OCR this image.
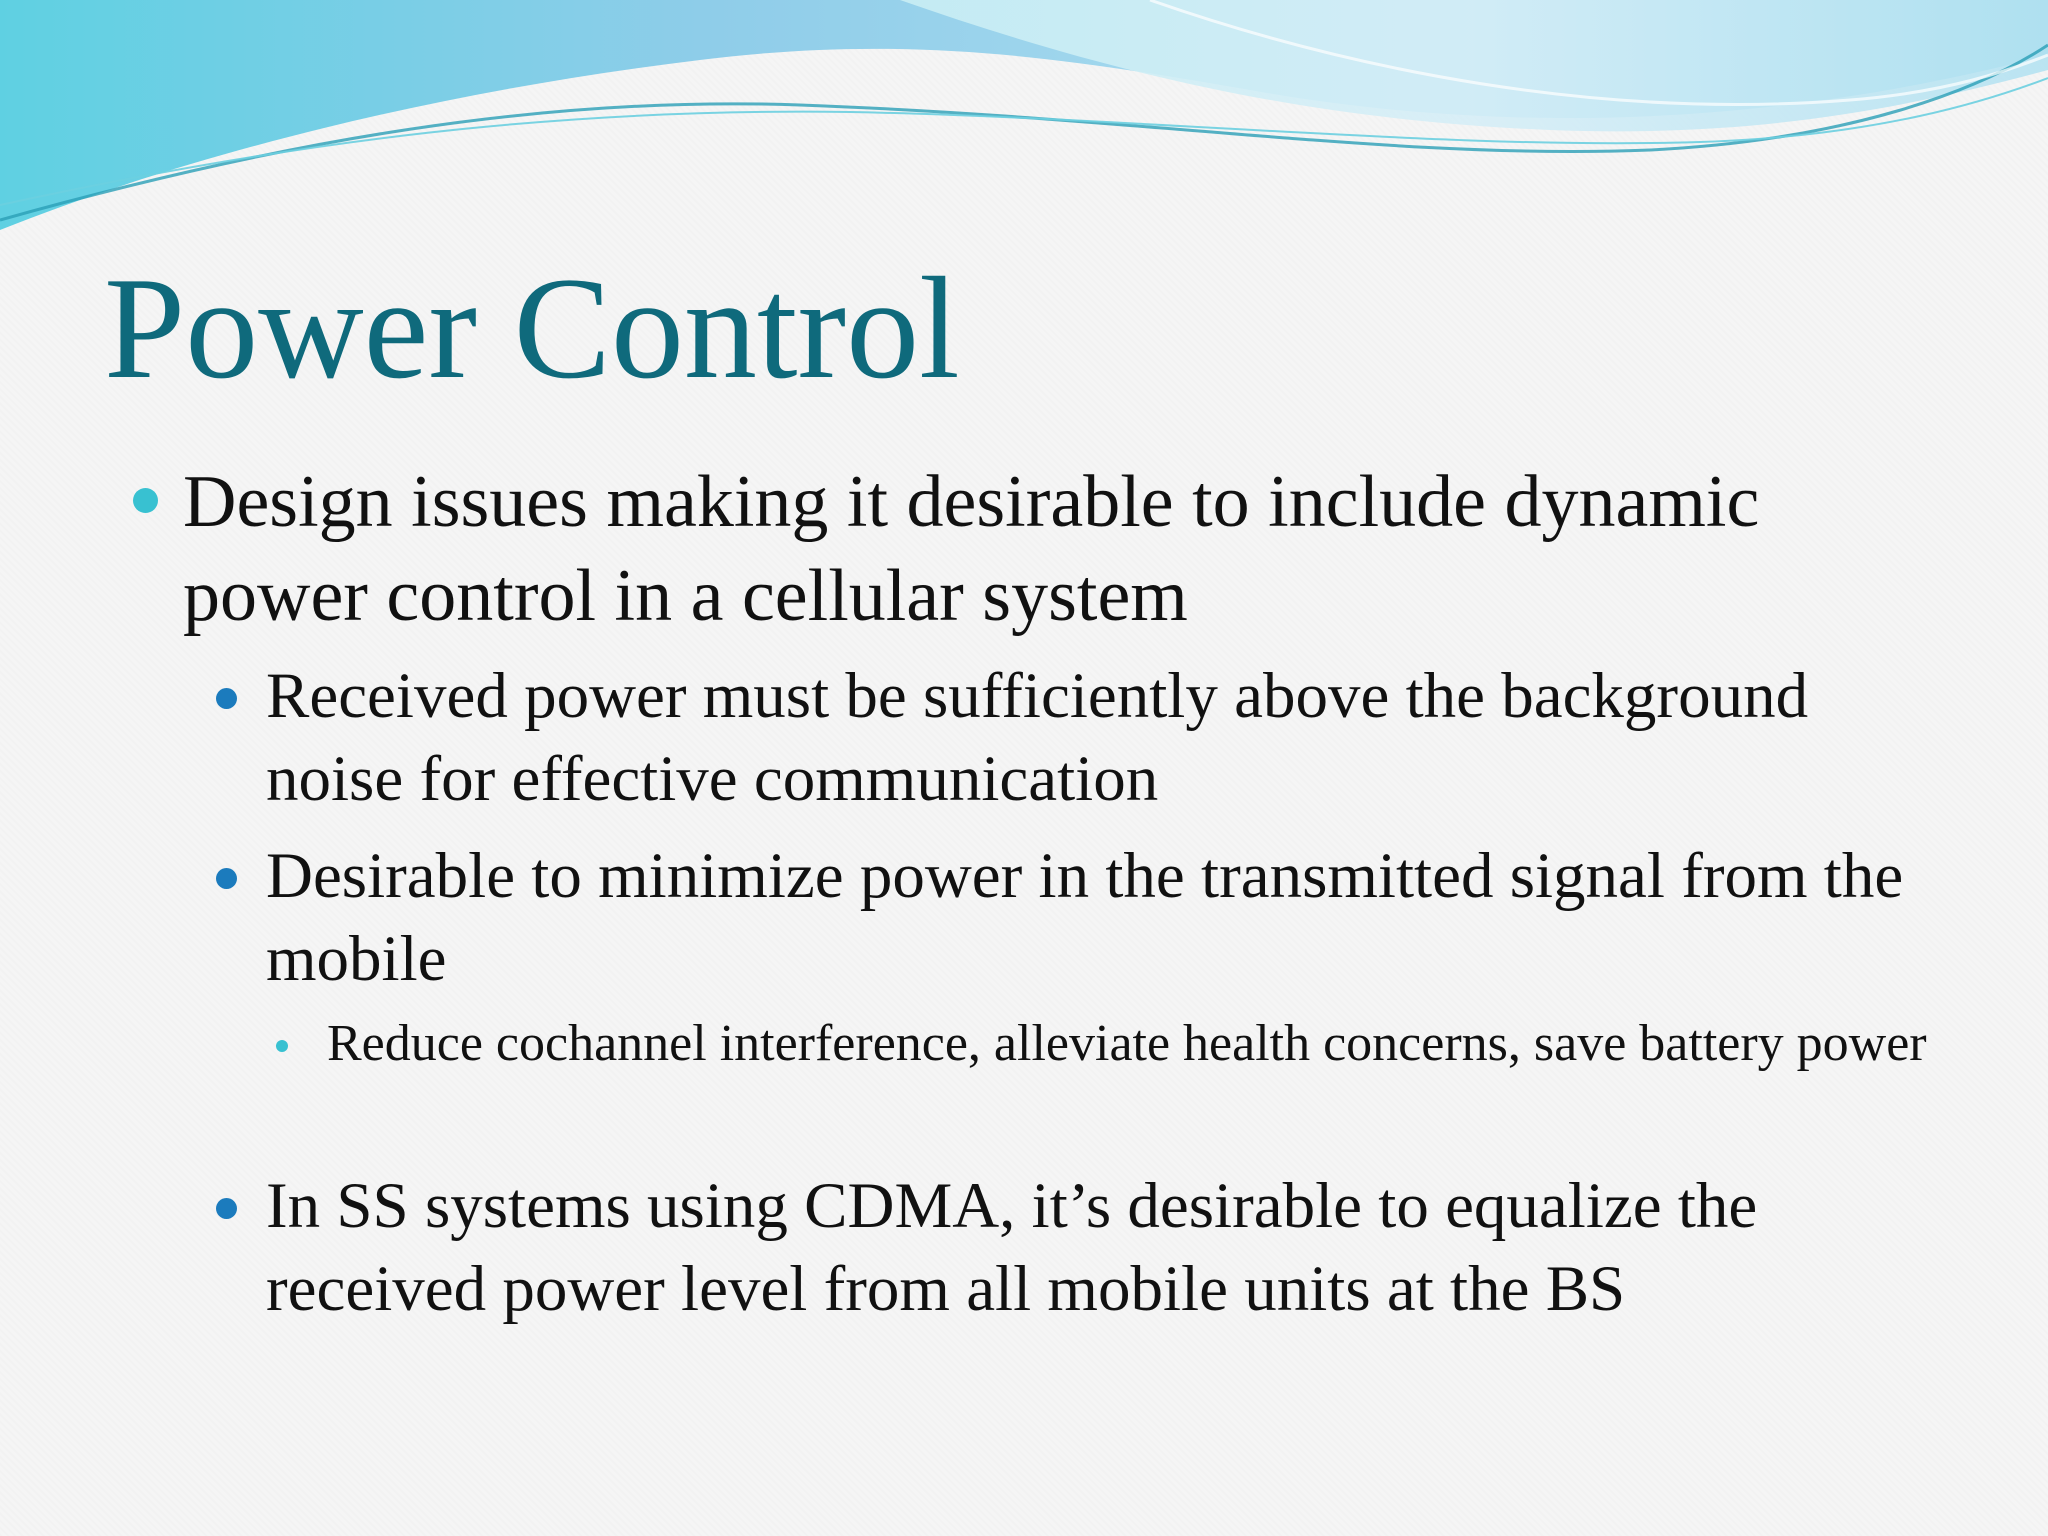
Power Control

Design issues making it desirable to include dynamic power control in a cellular system

Received power must be sufficiently above the background noise for effective communication

Desirable to minimize power in the transmitted signal from the mobile

Reduce cochannel interference, alleviate health concerns, save battery power

In SS systems using CDMA, it’s desirable to equalize the received power level from all mobile units at the BS
